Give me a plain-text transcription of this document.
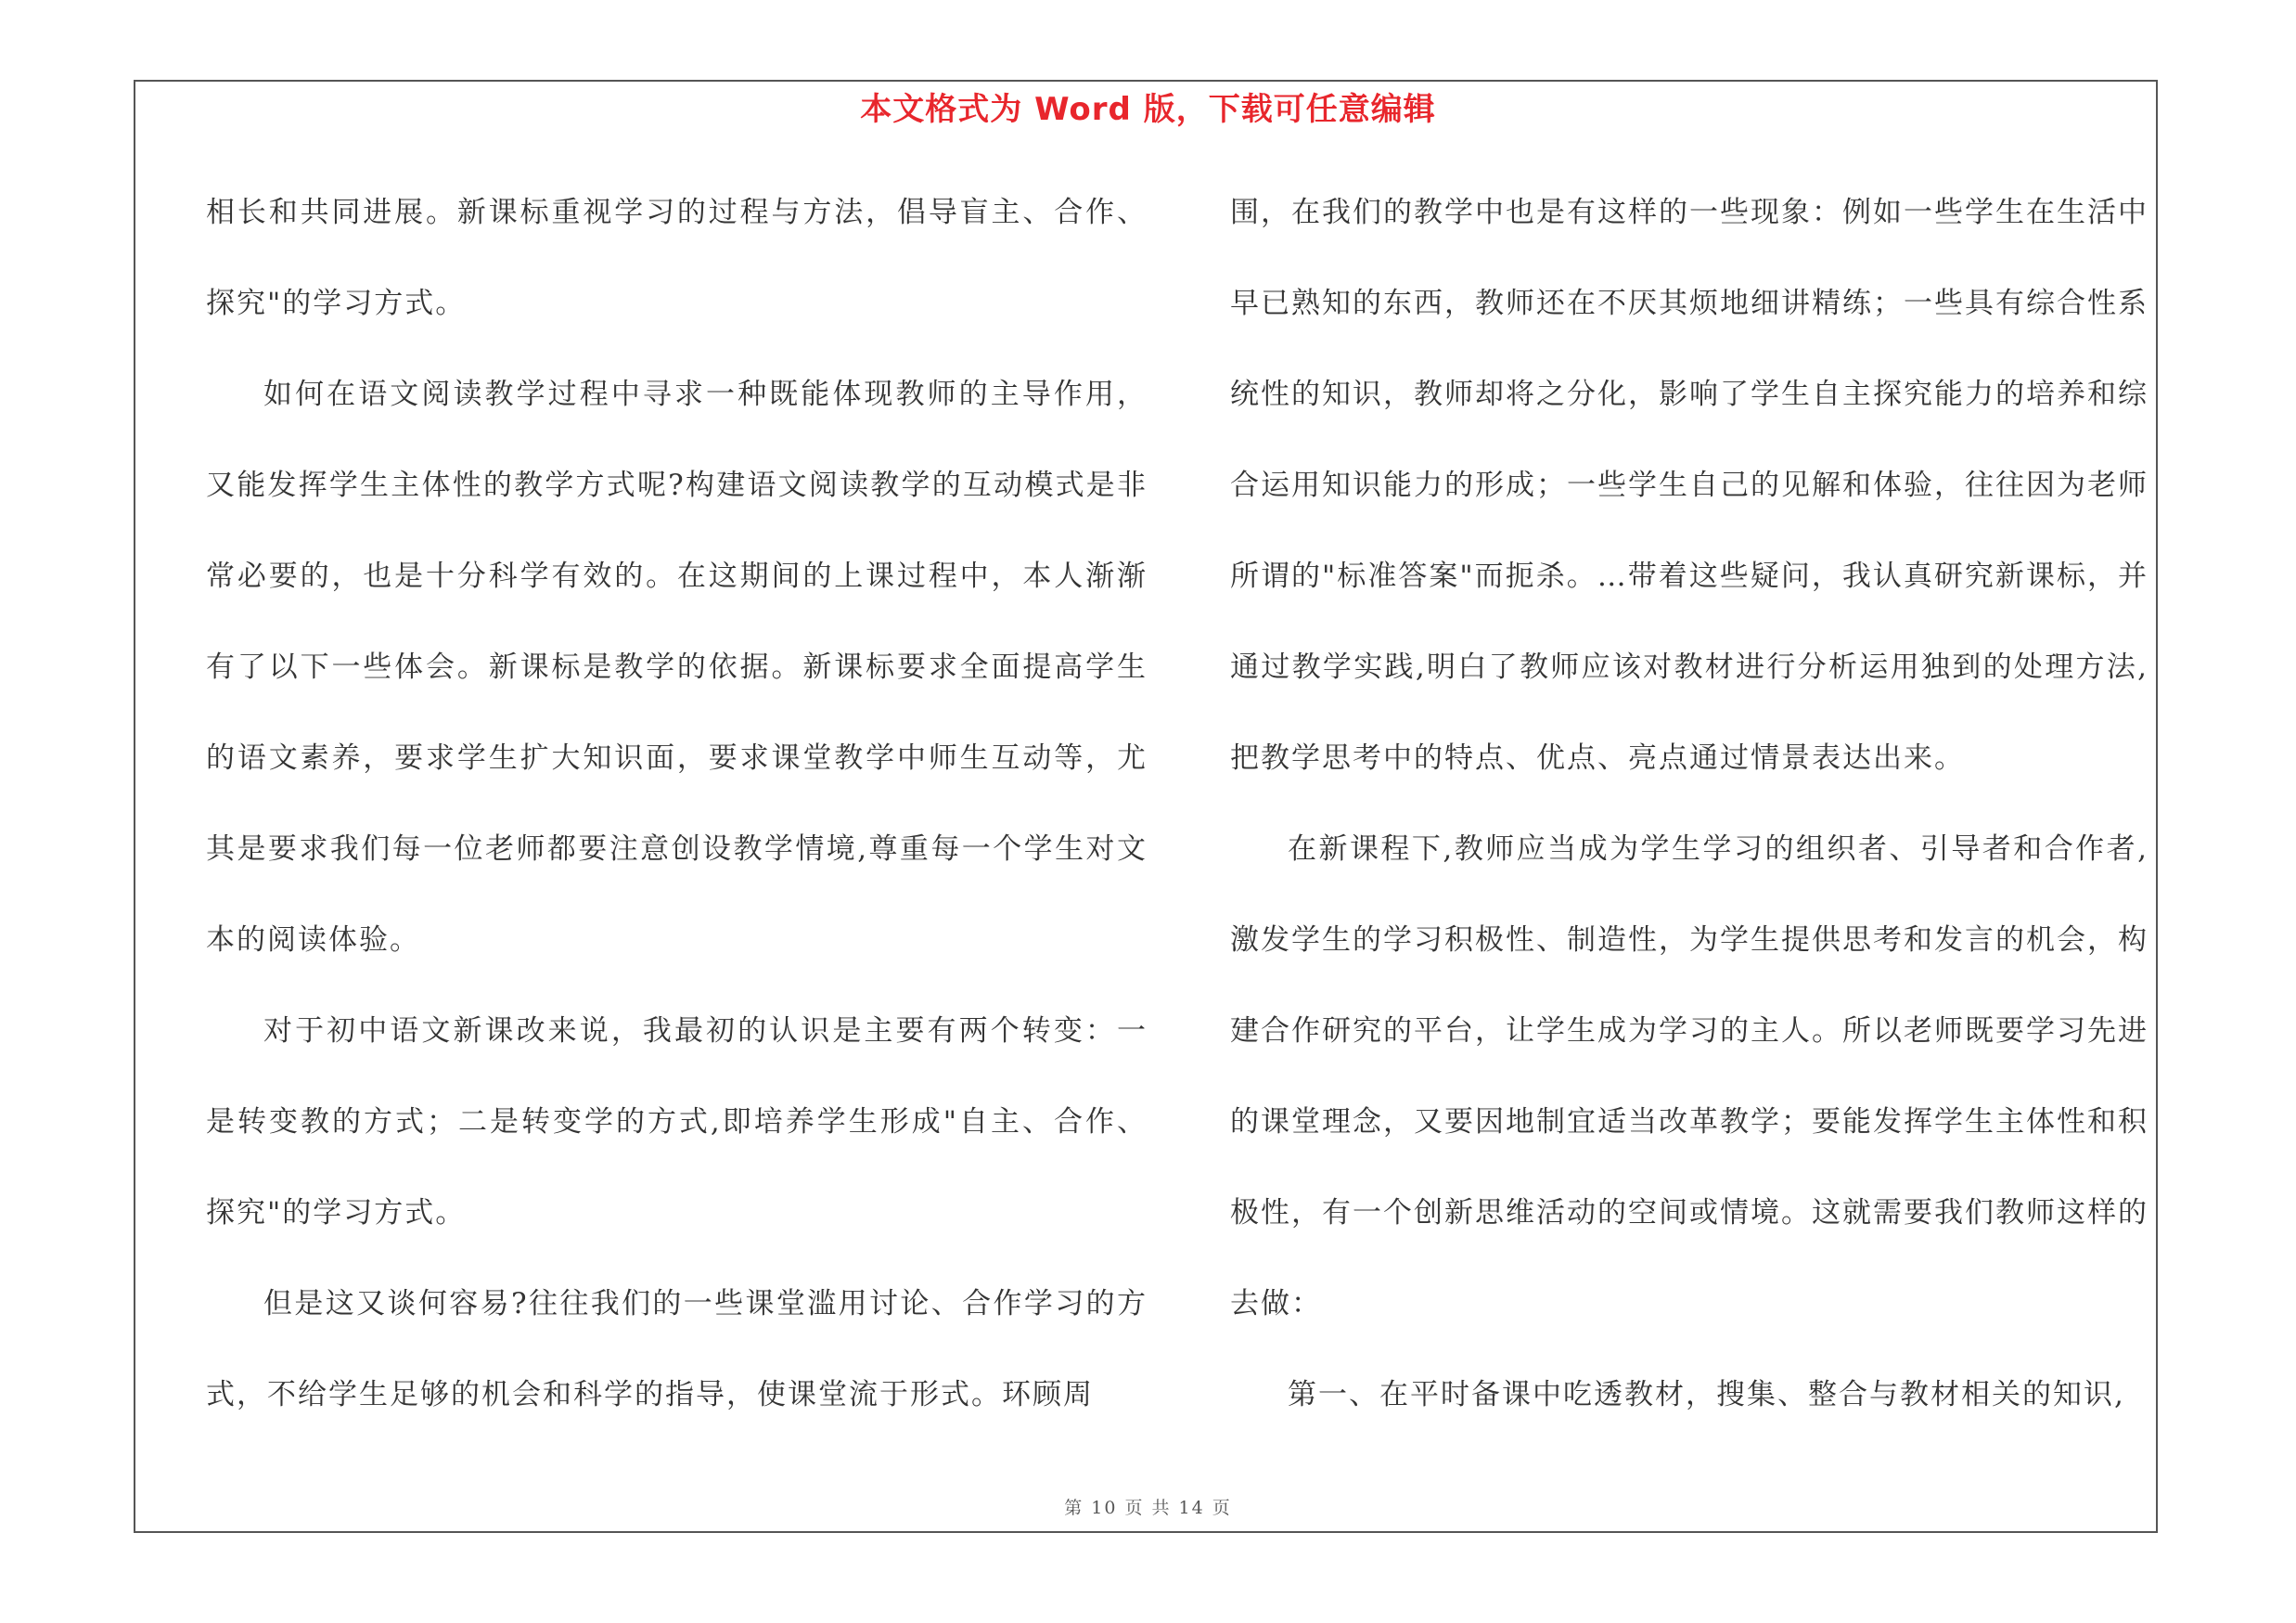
本文格式为 Word 版，下载可任意编辑

相长和共同进展。新课标重视学习的过程与方法，倡导盲主、合作、探究"的学习方式。

如何在语文阅读教学过程中寻求一种既能体现教师的主导作用，又能发挥学生主体性的教学方式呢?构建语文阅读教学的互动模式是非常必要的，也是十分科学有效的。在这期间的上课过程中，本人渐渐有了以下一些体会。新课标是教学的依据。新课标要求全面提高学生的语文素养，要求学生扩大知识面，要求课堂教学中师生互动等，尤其是要求我们每一位老师都要注意创设教学情境,尊重每一个学生对文本的阅读体验。

对于初中语文新课改来说，我最初的认识是主要有两个转变：一是转变教的方式；二是转变学的方式,即培养学生形成"自主、合作、探究"的学习方式。

但是这又谈何容易?往往我们的一些课堂滥用讨论、合作学习的方式，不给学生足够的机会和科学的指导，使课堂流于形式。环顾周

围，在我们的教学中也是有这样的一些现象：例如一些学生在生活中早已熟知的东西，教师还在不厌其烦地细讲精练；一些具有综合性系统性的知识，教师却将之分化，影响了学生自主探究能力的培养和综合运用知识能力的形成；一些学生自己的见解和体验，往往因为老师所谓的"标准答案"而扼杀。…带着这些疑问，我认真研究新课标，并通过教学实践,明白了教师应该对教材进行分析运用独到的处理方法,把教学思考中的特点、优点、亮点通过情景表达出来。

在新课程下,教师应当成为学生学习的组织者、引导者和合作者,激发学生的学习积极性、制造性，为学生提供思考和发言的机会，构建合作研究的平台，让学生成为学习的主人。所以老师既要学习先进的课堂理念，又要因地制宜适当改革教学；要能发挥学生主体性和积极性，有一个创新思维活动的空间或情境。这就需要我们教师这样的去做：

第一、在平时备课中吃透教材，搜集、整合与教材相关的知识,

第 10 页 共 14 页
